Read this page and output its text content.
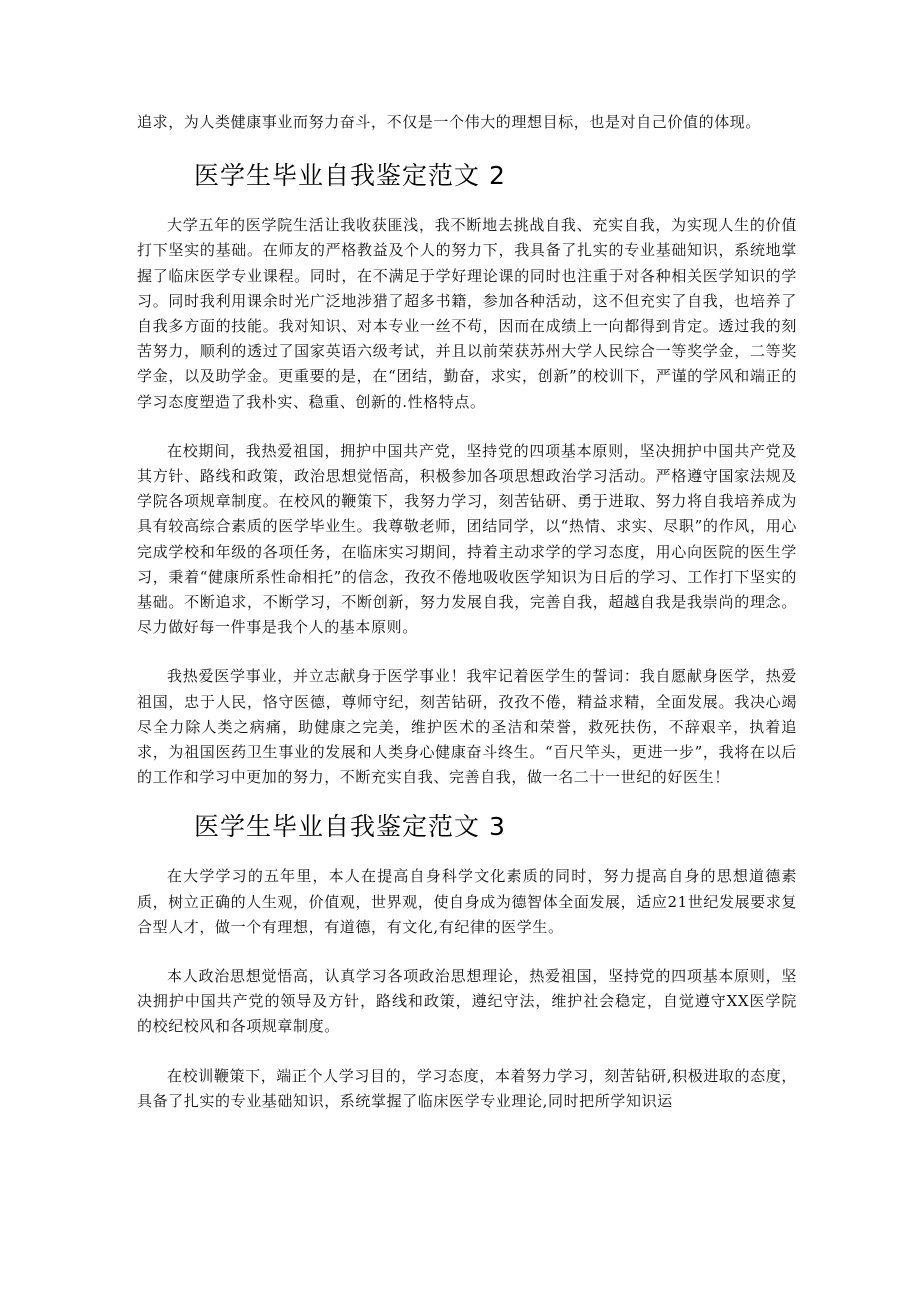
追求，为人类健康事业而努力奋斗，不仅是一个伟大的理想目标，也是对自己价值的体现。

医学生毕业自我鉴定范文 2

大学五年的医学院生活让我收获匪浅，我不断地去挑战自我、充实自我，为实现人生的价值打下坚实的基础。在师友的严格教益及个人的努力下，我具备了扎实的专业基础知识，系统地掌握了临床医学专业课程。同时，在不满足于学好理论课的同时也注重于对各种相关医学知识的学习。同时我利用课余时光广泛地涉猎了超多书籍，参加各种活动，这不但充实了自我，也培养了自我多方面的技能。我对知识、对本专业一丝不苟，因而在成绩上一向都得到肯定。透过我的刻苦努力，顺利的透过了国家英语六级考试，并且以前荣获苏州大学人民综合一等奖学金，二等奖学金，以及助学金。更重要的是，在“团结，勤奋，求实，创新”的校训下，严谨的学风和端正的学习态度塑造了我朴实、稳重、创新的.性格特点。

在校期间，我热爱祖国，拥护中国共产党，坚持党的四项基本原则，坚决拥护中国共产党及其方针、路线和政策，政治思想觉悟高，积极参加各项思想政治学习活动。严格遵守国家法规及学院各项规章制度。在校风的鞭策下，我努力学习，刻苦钻研、勇于进取、努力将自我培养成为具有较高综合素质的医学毕业生。我尊敬老师，团结同学，以“热情、求实、尽职”的作风，用心完成学校和年级的各项任务，在临床实习期间，持着主动求学的学习态度，用心向医院的医生学习，秉着“健康所系性命相托”的信念，孜孜不倦地吸收医学知识为日后的学习、工作打下坚实的基础。不断追求，不断学习，不断创新，努力发展自我，完善自我，超越自我是我崇尚的理念。尽力做好每一件事是我个人的基本原则。

我热爱医学事业，并立志献身于医学事业！我牢记着医学生的誓词：我自愿献身医学，热爱祖国，忠于人民，恪守医德，尊师守纪，刻苦钻研，孜孜不倦，精益求精，全面发展。我决心竭尽全力除人类之病痛，助健康之完美，维护医术的圣洁和荣誉，救死扶伤，不辞艰辛，执着追求，为祖国医药卫生事业的发展和人类身心健康奋斗终生。“百尺竿头，更进一步”，我将在以后的工作和学习中更加的努力，不断充实自我、完善自我，做一名二十一世纪的好医生！

医学生毕业自我鉴定范文 3

在大学学习的五年里，本人在提高自身科学文化素质的同时，努力提高自身的思想道德素质，树立正确的人生观，价值观，世界观，使自身成为德智体全面发展，适应21世纪发展要求复合型人才，做一个有理想，有道德，有文化,有纪律的医学生。

本人政治思想觉悟高，认真学习各项政治思想理论，热爱祖国，坚持党的四项基本原则，坚决拥护中国共产党的领导及方针，路线和政策，遵纪守法，维护社会稳定，自觉遵守XX医学院的校纪校风和各项规章制度。

在校训鞭策下，端正个人学习目的，学习态度，本着努力学习，刻苦钻研,积极进取的态度，具备了扎实的专业基础知识，系统掌握了临床医学专业理论,同时把所学知识运
